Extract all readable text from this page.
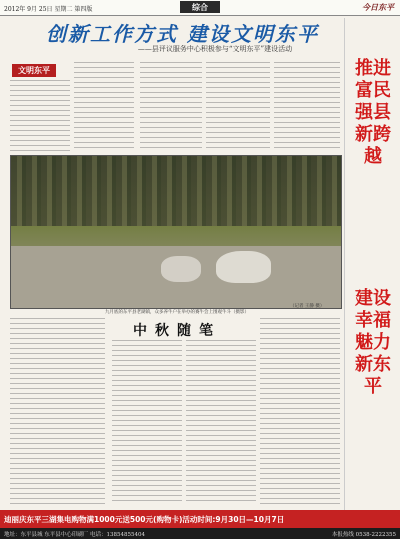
2012年 9月 25日 星期二 第四版	综合	今日东平
创新工作方式 建设文明东平
——县评议服务中心积极参与“文明东平”建设活动
文明东平
九月底的东平县老湖镇，众多养牛户在举办的赛牛会上围观牛斗（摄影）
（记者 王静 摄）
中秋随笔
推进富民强县新跨越
建设幸福魅力新东平
迪丽庆东平三湖集电购物满1000元送500元(购物卡)活动时间:9月30日—10月7日
地址：东平县城 东平县中心印刷厂 电话：13854855404	本报热线 0538-2222355
